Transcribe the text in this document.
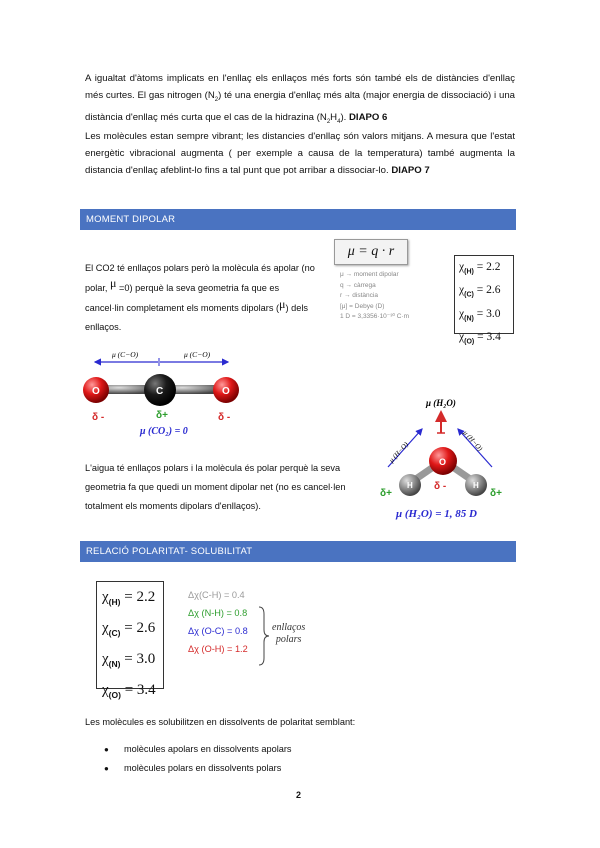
A igualtat d'àtoms implicats en l'enllaç els enllaços més forts són també els de distàncies d'enllaç més curtes. El gas nitrogen $(N_2)$ té una energia d'enllaç més alta (major energia de dissociació) i una distància d'enllaç més curta que el cas de la hidrazina $(N_2H_4)$. DIAPO 6
Les molècules estan sempre vibrant; les distancies d'enllaç són valors mitjans. A mesura que l'estat energètic vibracional augmenta ( per exemple a causa de la temperatura) també augmenta la distancia d'enllaç afeblint-lo fins a tal punt que pot arribar a dissociar-lo. DIAPO 7
MOMENT DIPOLAR
El CO2 té enllaços polars però la molècula és apolar (no polar, μ =0) perquè la seva geometria fa que es cancel·lin completament els moments dipolars (μ) dels enllaços.
μ = q · r
μ → moment dipolar
q → càrrega
r → distància
[μ] = Debye (D)
1 D = 3,3356·10⁻³⁰ C·m
$\chi_{(H)} = 2.2$
$\chi_{(C)} = 2.6$
$\chi_{(N)} = 3.0$
$\chi_{(O)} = 3.4$
μ (C−O)	μ (C−O)
O	C	O
δ -	δ+	δ -
μ (CO₂) = 0
L'aigua té enllaços polars i la molècula és polar perquè la seva geometria fa que quedi un moment dipolar net (no es cancel·len totalment els moments dipolars d'enllaços).
μ (H₂O)
μ (H−O)	μ (H−O)
O
H	H
δ -
δ+	δ+
μ (H₂O) = 1, 85 D
RELACIÓ POLARITAT- SOLUBILITAT
$\chi_{(H)} = 2.2$
$\chi_{(C)} = 2.6$
$\chi_{(N)} = 3.0$
$\chi_{(O)} = 3.4$
Δχ(C-H) = 0.4
Δχ (N-H) = 0.8
Δχ (O-C) = 0.8
Δχ (O-H) = 1.2
enllaços
polars
Les molècules es solubilitzen en dissolvents de polaritat semblant:
● molècules apolars en dissolvents apolars
● molècules polars en dissolvents polars
2
